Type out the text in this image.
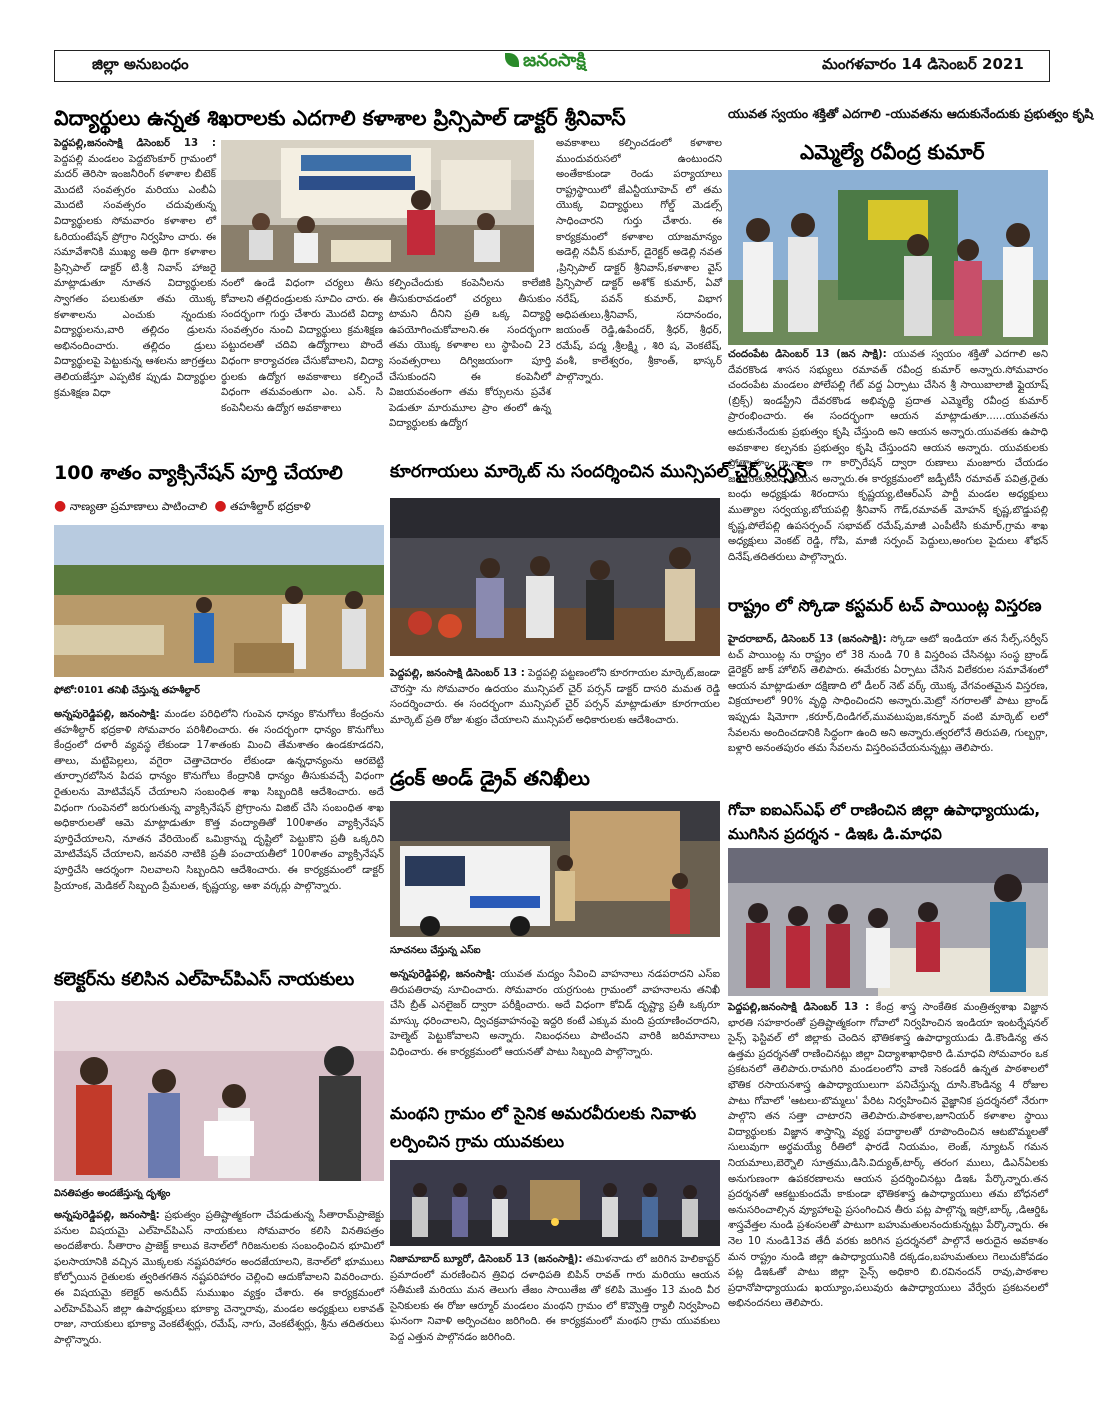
జిల్లా అనుబంధం	జనంసాక్షి	మంగళవారం 14 డిసెంబర్ 2021
విద్యార్థులు ఉన్నత శిఖరాలకు ఎదగాలి కళాశాల ప్రిన్సిపాల్ డాక్టర్ శ్రీనివాస్
పెద్దపల్లి,జనంసాక్షి డిసెంబర్ 13 : పెద్దపల్లి మండలం పెద్దబొంకూర్ గ్రామంలో మదర్ తెరిసా ఇంజనీరింగ్ కళాశాల బీటెక్ మొదటి సంవత్సరం మరియు ఎంబీఏ మొదటి సంవత్సరం చదువుతున్న విద్యార్థులకు సోమవారం కళాశాల లో ఓరియంటేషన్ ప్రోగ్రాం నిర్వహిం చారు. ఈ సమావేశానికి ముఖ్య అతి థిగా కళాశాల ప్రిన్సిపాల్ డాక్టర్ టి.శ్రీ నివాస్ హాజరై మాట్లాడుతూ నూతన విద్యార్థులకు స్వాగతం పలుకుతూ తమ యొక్క కళాశాలను ఎంచుకు న్నందుకు విద్యార్థులను,వారి తల్లిదం డ్రులను అభినందించారు. తల్లిదం డ్రులు విద్యార్థులపై పెట్టుకున్న ఆశలను జాగ్రత్తలు తెలియజేస్తూ ఎప్పటిక ప్పుడు విద్యార్థుల క్రమశిక్షణ విధా
నంలో ఉండే విధంగా చర్యలు తీసు కోవాలని తల్లిదండ్రులకు సూచిం చారు. ఈ సందర్భంగా గుర్తు చేశారు మొదటి విద్యా సంవత్సరం నుంచి విద్యార్థులు క్రమశిక్షణ పట్టుదలతో చదివి ఉద్యోగాలు పొందే విధంగా కార్యాచరణ చేసుకోవాలని, విద్యా ర్థులకు ఉద్యోగ అవకాశాలు కల్పించే విధంగా తమవంతుగా ఎం. ఎన్. సి కంపెనీలను ఉద్యోగ అవకాశాలు
కల్పించేందుకు కంపెనీలను కాలేజికి తీసుకురావడంలో చర్యలు తీసుకుం టామని దీనిని ప్రతి ఒక్క విద్యార్థి ఉపయోగించుకోవాలని.ఈ సందర్భంగా తమ యొక్క కళాశాల లు స్థాపించి 23 సంవత్సరాలు దిగ్విజయంగా పూర్తి చేసుకుందని ఈ కంపెనీలో విజయవంతంగా తమ కోర్సులను ప్రవేశ పెడుతూ మారుమూల ప్రాం తంలో ఉన్న విద్యార్థులకు ఉద్యోగ
అవకాశాలు కల్పించడంలో కళాశాల ముందువరుసలో ఉంటుందని అంతేకాకుండా రెండు పర్యాయాలు రాష్ట్రస్థాయిలో జేఎన్టీయూహెచ్ లో తమ యొక్క విద్యార్థులు గోల్డ్ మెడల్స్ సాధించారని గుర్తు చేశారు. ఈ కార్యక్రమంలో కళాశాల యాజమాన్యం అడెల్లి నవీన్ కుమార్, డైరెక్టర్ అడెల్లి నవత ,ప్రిన్సిపాల్ డాక్టర్ శ్రీనివాస్,కళాశాల వైస్ ప్రిన్సిపాల్ డాక్టర్ అశోక్ కుమార్, ఏవో నరేష్, పవన్ కుమార్, విభాగ అధిపతులు,శ్రీనివాస్, సదానందం, జయంత్ రెడ్డి,ఉపేందర్, శ్రీధర్, శ్రీధర్, రమేష్, పద్మ ,శ్రీలక్ష్మి , శిరి ష, వెంకటేష్, వంశీ, కాలేశ్వరం, శ్రీకాంత్, భాస్కర్ పాల్గొన్నారు.
యువత స్వయం శక్తితో ఎదగాలి -యువతను ఆదుకునేందుకు ప్రభుత్వం కృషి
ఎమ్మెల్యే రవీంద్ర కుమార్
చందంపేట డిసెంబర్ 13 (జన సాక్షి): యువత స్వయం శక్తితో ఎదగాలి అని దేవరకొండ శాసన సభ్యులు రమావత్ రవీంద్ర కుమార్ అన్నారు.సోమవారం చందంపేట మండలం పోలేపల్లి గేట్ వద్ద ఏర్పాటు చేసిన శ్రీ సాయిబాలాజీ ఫ్లైయాష్ (బ్రిక్స్) ఇండస్ట్రీని దేవరకొండ అభివృద్ధి ప్రదాత ఎమ్మెల్యే రవీంద్ర కుమార్ ప్రారంభించారు. ఈ సందర్భంగా ఆయన మాట్లాడుతూ......యువతను ఆదుకునేందుకు ప్రభుత్వం కృషి చేస్తుంది అని ఆయన అన్నారు.యువతకు ఉపాధి అవకాశాల కల్పనకు ప్రభుత్వం కృషి చేస్తుందని ఆయన అన్నారు. యువకులకు ప్రోత్సాహం గా,నా,అ గా కార్పొరేషన్ ద్వారా రుణాలు మంజూరు చేయడం జరుగుతుందని ఆయన అన్నారు.ఈ కార్యక్రమంలో జడ్పీటీసీ రమావత్ పవిత్ర,రైతు బంధు అధ్యక్షుడు శిరందాసు కృష్ణయ్య,టిఆర్ఎస్ పార్టీ మండల అధ్యక్షులు ముత్యాల సర్వయ్య,బోయపల్లి శ్రీనివాస్ గౌడ్,రమావత్ మోహన్ కృష్ణ,బొడ్డుపల్లి కృష్ణ,పోలేపల్లి ఉపసర్పంచ్ సభావట్ రమేష్,మాజీ ఎంపీటీసి కుమార్,గ్రామ శాఖ అధ్యక్షులు వెంకట్ రెడ్డి, గోపి, మాజీ సర్పంచ్ పెద్దులు,అంగుల పైదులు శోభన్ దినేష్,తదితరులు పాల్గొన్నారు.
100 శాతం వ్యాక్సినేషన్ పూర్తి చేయాలి
● నాణ్యతా ప్రమాణాలు పాటించాలి ● తహశీల్దార్ భద్రకాళి
ఫోటో:0101 తనిఖీ చేస్తున్న తహశీల్దార్
అన్నపురెడ్డిపల్లి, జనంసాక్షి: మండల పరిధిలోని గుంపెన ధాన్యం కొనుగోలు కేంద్రంను తహశీల్దార్ భద్రకాళి సోమవారం పరిశీలించారు. ఈ సందర్భంగా ధాన్యం కొనుగోలు కేంద్రంలో దళారీ వ్యవస్థ లేకుండా 17శాతంకు మించి తేమశాతం ఉండకూడదని, తాలు, మట్టిపెల్లలు, వగైరా చెత్తాచెదారం లేకుండా ఉన్నధాన్యంను ఆరబెట్టి తూర్పారబోసిన పిదప ధాన్యం కొనుగోలు కేంద్రానికి ధాన్యం తీసుకువచ్చే విధంగా రైతులను మోటివేషన్ చేయాలని సంబంధిత శాఖ సిబ్బందికి ఆదేశించారు. అదే విధంగా గుంపెనలో జరుగుతున్న వ్యాక్సినేషన్ ప్రోగ్రాంను విజిట్ చేసి సంబంధిత శాఖ అధికారులతో ఆమె మాట్లాడుతూ కొత్త వంద్యాతితో 100శాతం వ్యాక్సినేషన్ పూర్తిచేయాలని, నూతన వేరియెంట్ ఒమిక్రాన్ను దృష్టిలో పెట్టుకొని ప్రతీ ఒక్కరిని మోటివేషన్ చేయాలని, జనవరి నాటికి ప్రతీ పంచాయతీలో 100శాతం వ్యాక్సినేషన్ పూర్తిచేసి ఆదర్శంగా నిలవాలని సిబ్బందిని ఆదేశించారు. ఈ కార్యక్రమంలో డాక్టర్ ప్రియాంక, మెడికల్ సిబ్బంది ప్రేమలత, కృష్ణయ్య, ఆశా వర్కర్లు పాల్గొన్నారు.
కూరగాయలు మార్కెట్ ను సందర్శించిన మున్సిపల్ చైర్ పర్సన్
పెద్దపల్లి, జనంసాక్షి డిసెంబర్ 13 : పెద్దపల్లి పట్టణంలోని కూరగాయల మార్కెట్,జండా చౌరస్తా ను సోమవారం ఉదయం మున్సిపల్ చైర్ పర్సన్ డాక్టర్ దాసరి మమత రెడ్డి సందర్శించారు. ఈ సందర్భంగా మున్సిపల్ చైర్ పర్సన్ మాట్లాడుతూ కూరగాయల మార్కెట్ ప్రతి రోజు శుభ్రం చేయాలని మున్సిపల్ అధికారులకు ఆదేశించారు.
డ్రంక్ అండ్ డ్రైవ్ తనిఖీలు
సూచనలు చేస్తున్న ఎస్ఐ
అన్నపురెడ్డిపల్లి, జనంసాక్షి: యువత మద్యం సేవించి వాహనాలు నడపరాదని ఎస్ఐ తిరుపతిరావు సూచించారు. సోమవారం యర్రగుంట గ్రామంలో వాహనాలను తనిఖీ చేసి బ్రీత్ ఎనలైజర్ ద్వారా పరీక్షించారు. అదే విధంగా కోవిడ్ దృష్ట్యా ప్రతీ ఒక్కరూ మాస్కు ధరించాలని, ద్విచక్రవాహనంపై ఇద్దరి కంటే ఎక్కువ మంది ప్రయాణించరాదని, హెల్మెట్ పెట్టుకోవాలని అన్నారు. నిబంధనలు పాటించని వారికి జరిమానాలు విధించారు. ఈ కార్యక్రమంలో ఆయనతో పాటు సిబ్బంది పాల్గొన్నారు.
కలెక్టర్‌ను కలిసిన ఎల్‌హెచ్‌పిఎస్ నాయకులు
వినతిపత్రం అందజేస్తున్న దృశ్యం
అన్నపురెడ్డిపల్లి, జనంసాక్షి: ప్రభుత్వం ప్రతిష్టాత్మకంగా చేపడుతున్న సీతారామ్‌ప్రాజెక్టు పనుల విషయమై ఎల్‌హెచ్‌పిఎస్ నాయకులు సోమవారం కలిసి వినతిపత్రం అందజేశారు. సీతారాం ప్రాజెక్ట్ కాలువ కెనాల్‌లో గిరిజనులకు సంబంధించిన భూమిలో ఫలసాయానికి వచ్చిన మొక్కలకు నష్టపరిహారం అందజేయాలని, కెనాల్‌లో భూములు కోల్పోయిన రైతులకు త్వరితగతిన నష్టపరిహారం చెల్లించి ఆదుకోవాలని వివరించారు. ఈ విషయమై కలెక్టర్ అనుదీప్ సుముఖం వ్యక్తం చేశారు. ఈ కార్యక్రమంలో ఎల్‌హెచ్‌పిఎస్ జిల్లా ఉపాధ్యక్షులు భూక్యా చెన్నారావు, మండల అధ్యక్షులు లకావత్ రాజు, నాయకులు భూక్యా వెంకటేశ్వర్లు, రమేష్, నాగు, వెంకటేశ్వర్లు, శ్రీను తదితరులు పాల్గొన్నారు.
మంథని గ్రామం లో సైనిక అమరవీరులకు నివాళు
లర్పించిన గ్రామ యువకులు
నిజామాబాద్ బ్యూరో, డిసెంబర్ 13 (జనంసాక్షి): తమిళనాడు లో జరిగిన హెలికాప్టర్ ప్రమాదంలో మరణించిన త్రివిధ దళాధిపతి బిపిన్ రావత్ గారు మరియు ఆయన సతీమణి మరియు మన తెలుగు తేజం సాయితేజ తో కలిపి మొత్తం 13 మంది వీర సైనికులకు ఈ రోజు ఆర్మూర్ మండలం మంథని గ్రామం లో కొవ్వొత్తి ర్యాలీ నిర్వహించి ఘనంగా నివాళి అర్పించటం జరిగింది. ఈ కార్యక్రమంలో మంథని గ్రామ యువకులు పెద్ద ఎత్తున పాల్గొనడం జరిగింది.
రాష్ట్రం లో స్కోడా కస్టమర్ టచ్ పాయింట్ల విస్తరణ
హైదరాబాద్, డిసెంబర్ 13 (జనంసాక్షి): స్కోడా ఆటో ఇండియా తన సేల్స్,సర్వీస్ టచ్ పాయింట్ల ను రాష్ట్రం లో 38 నుండి 70 కి విస్తరింప చేసినట్లు సంస్థ బ్రాండ్ డైరెక్టర్ జాక్ హోలిస్ తెలిపారు. ఈమేరకు ఏర్పాటు చేసిన విలేకరుల సమావేశంలో ఆయన మాట్లాడుతూ దక్షిణాది లో డీలర్ నెట్ వర్క్ యొక్క వేగవంతమైన విస్తరణ, విక్రయాలలో 90% వృద్ధి సాధించిందని అన్నారు.మెట్రో నగరాలతో పాటు బ్రాండ్ ఇప్పుడు షిమోగా ,కరూర్,దిండిగల్,మువటుపుజ,కన్నూర్ వంటి మార్కెట్ లలో సేవలను అందించడానికి సిద్ధంగా ఉంది అని అన్నారు.త్వరలోనే తిరుపతి, గుల్బర్గా, బళ్లారి అనంతపురం తమ సేవలను విస్తరింపచేయనున్నట్లు తెలిపారు.
గోవా ఐఐఎస్ఎఫ్ లో రాణించిన జిల్లా ఉపాధ్యాయుడు,
ముగిసిన ప్రదర్శన - డిఇఓ డి.మాధవి
పెద్దపల్లి,జనంసాక్షి డిసెంబర్ 13 : కేంద్ర శాస్త్ర సాంకేతిక మంత్రిత్వశాఖ విజ్ఞాన భారతి సహకారంతో ప్రతిష్టాత్మకంగా గోవాలో నిర్వహించిన ఇండియా ఇంటర్నేషనల్ సైన్స్ ఫెస్టివల్ లో జిల్లాకు చెందిన భౌతికశాస్త్ర ఉపాధ్యాయుడు డి.కౌండిన్య తన ఉత్తమ ప్రదర్శనతో రాణించినట్లు జిల్లా విద్యాశాఖాధికారి డి.మాధవి సోమవారం ఒక ప్రకటనలో తెలిపారు.రామగిరి మండలంలోని వాణి సెకండరీ ఉన్నత పాఠశాలలో భౌతిక రసాయనశాస్త్ర ఉపాధ్యాయులుగా పనిచేస్తున్న దూసి.కౌండిన్య 4 రోజుల పాటు గోవాలో 'ఆటలు-బొమ్మలు' పేరిట నిర్వహించిన వైజ్ఞానిక ప్రదర్శనలో నేరుగా పాల్గొని తన సత్తా చాటారని తెలిపారు.పాఠశాల,జూనియర్ కళాశాల స్థాయి విద్యార్థులకు విజ్ఞాన శాస్త్రాన్ని వ్యర్థ పదార్థాలతో రూపొందించిన ఆటబొమ్మలతో సులువుగా అర్థమయ్యే రీతిలో ఫారడే నియమం, లెంజ్, న్యూటన్ గమన నియమాలు,బెర్నౌలి సూత్రము,డిసి.విద్యుత్,టార్క్ తరంగ ములు, డిఎన్ఏలకు అనుగుణంగా ఉపకరణాలను ఆయన ప్రదర్శించినట్లు డిఇఓ పేర్కొన్నారు.తన ప్రదర్శనతో ఆకట్టుకుందమే కాకుండా భౌతికశాస్త్ర ఉపాధ్యాయులు తమ బోధనలో అనుసరించాల్సిన వ్యూహాలపై ప్రసంగించిన తీరు పట్ల పాల్గొన్న ఇస్రో,బార్క్ ,డిఆర్డిఓ శాస్త్రవేత్తల నుండి ప్రశంసలతో పాటుగా బహుమతులనందుకున్నట్లు పేర్కొన్నారు. ఈ నెల 10 నుండి13వ తేదీ వరకు జరిగిన ప్రదర్శనలో పాల్గొనే అరుదైన అవకాశం మన రాష్ట్రం నుండి జిల్లా ఉపాధ్యాయునికి దక్కడం,బహుమతులు గెలుచుకోవడం పట్ల డిఇఓతో పాటు జిల్లా సైన్స్ అధికారి బి.రవినందన్ రావు,పాఠశాల ప్రధానోపాధ్యాయుడు ఖయ్యూం,పలువురు ఉపాధ్యాయులు వేర్వేరు ప్రకటనలలో అభినందనలు తెలిపారు.
